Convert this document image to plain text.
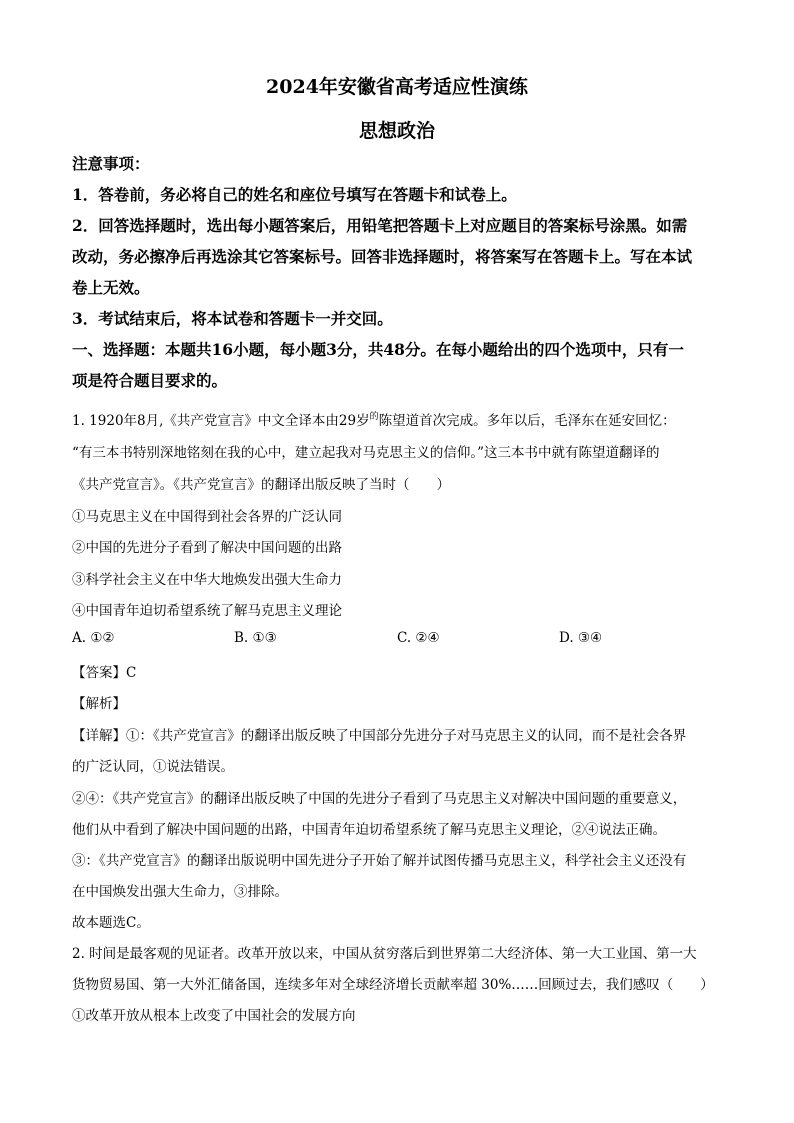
2024年安徽省高考适应性演练
思想政治
注意事项：
1．答卷前，务必将自己的姓名和座位号填写在答题卡和试卷上。
2．回答选择题时，选出每小题答案后，用铅笔把答题卡上对应题目的答案标号涂黑。如需
改动，务必擦净后再选涂其它答案标号。回答非选择题时，将答案写在答题卡上。写在本试
卷上无效。
3．考试结束后，将本试卷和答题卡一并交回。
一、选择题：本题共16小题，每小题3分，共48分。在每小题给出的四个选项中，只有一
项是符合题目要求的。
1. 1920年8月,《共产党宣言》中文全译本由29岁$^的$陈望道首次完成。多年以后，毛泽东在延安回忆：
“有三本书特别深地铭刻在我的心中，建立起我对马克思主义的信仰。”这三本书中就有陈望道翻译的
《共产党宣言》。《共产党宣言》的翻译出版反映了当时（　　）
①马克思主义在中国得到社会各界的广泛认同
②中国的先进分子看到了解决中国问题的出路
③科学社会主义在中华大地焕发出强大生命力
④中国青年迫切希望系统了解马克思主义理论
A. ①②	B. ①③	C. ②④	D. ③④
【答案】C
【解析】
【详解】①：《共产党宣言》的翻译出版反映了中国部分先进分子对马克思主义的认同，而不是社会各界
的广泛认同，①说法错误。
②④：《共产党宣言》的翻译出版反映了中国的先进分子看到了马克思主义对解决中国问题的重要意义，
他们从中看到了解决中国问题的出路，中国青年迫切希望系统了解马克思主义理论，②④说法正确。
③：《共产党宣言》的翻译出版说明中国先进分子开始了解并试图传播马克思主义，科学社会主义还没有
在中国焕发出强大生命力，③排除。
故本题选C。
2. 时间是最客观的见证者。改革开放以来，中国从贫穷落后到世界第二大经济体、第一大工业国、第一大
货物贸易国、第一大外汇储备国，连续多年对全球经济增长贡献率超 30%……回顾过去，我们感叹（　　）
①改革开放从根本上改变了中国社会的发展方向
